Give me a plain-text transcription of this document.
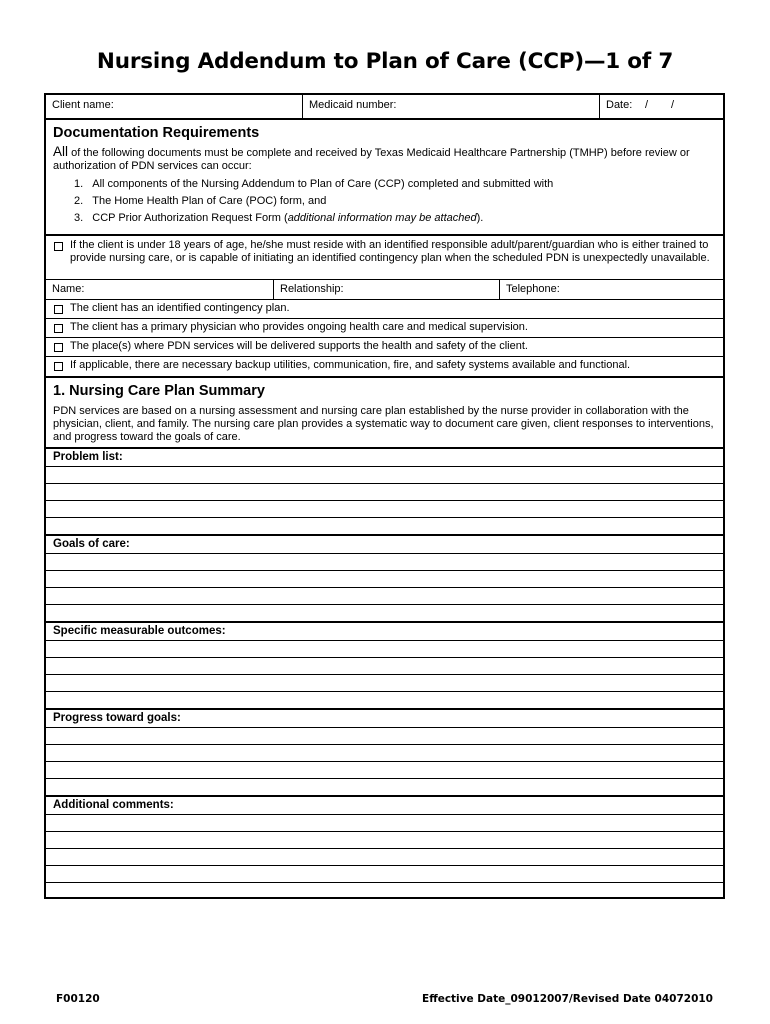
Nursing Addendum to Plan of Care (CCP)—1 of 7
Client name:	Medicaid number:	Date: / /
Documentation Requirements
All of the following documents must be complete and received by Texas Medicaid Healthcare Partnership (TMHP) before review or authorization of PDN services can occur:
1. All components of the Nursing Addendum to Plan of Care (CCP) completed and submitted with
2. The Home Health Plan of Care (POC) form, and
3. CCP Prior Authorization Request Form (additional information may be attached).
If the client is under 18 years of age, he/she must reside with an identified responsible adult/parent/guardian who is either trained to provide nursing care, or is capable of initiating an identified contingency plan when the scheduled PDN is unexpectedly unavailable.
Name:	Relationship:	Telephone:
The client has an identified contingency plan.
The client has a primary physician who provides ongoing health care and medical supervision.
The place(s) where PDN services will be delivered supports the health and safety of the client.
If applicable, there are necessary backup utilities, communication, fire, and safety systems available and functional.
1. Nursing Care Plan Summary
PDN services are based on a nursing assessment and nursing care plan established by the nurse provider in collaboration with the physician, client, and family. The nursing care plan provides a systematic way to document care given, client responses to interventions, and progress toward the goals of care.
Problem list:
Goals of care:
Specific measurable outcomes:
Progress toward goals:
Additional comments:
F00120	Effective Date_09012007/Revised Date 04072010
